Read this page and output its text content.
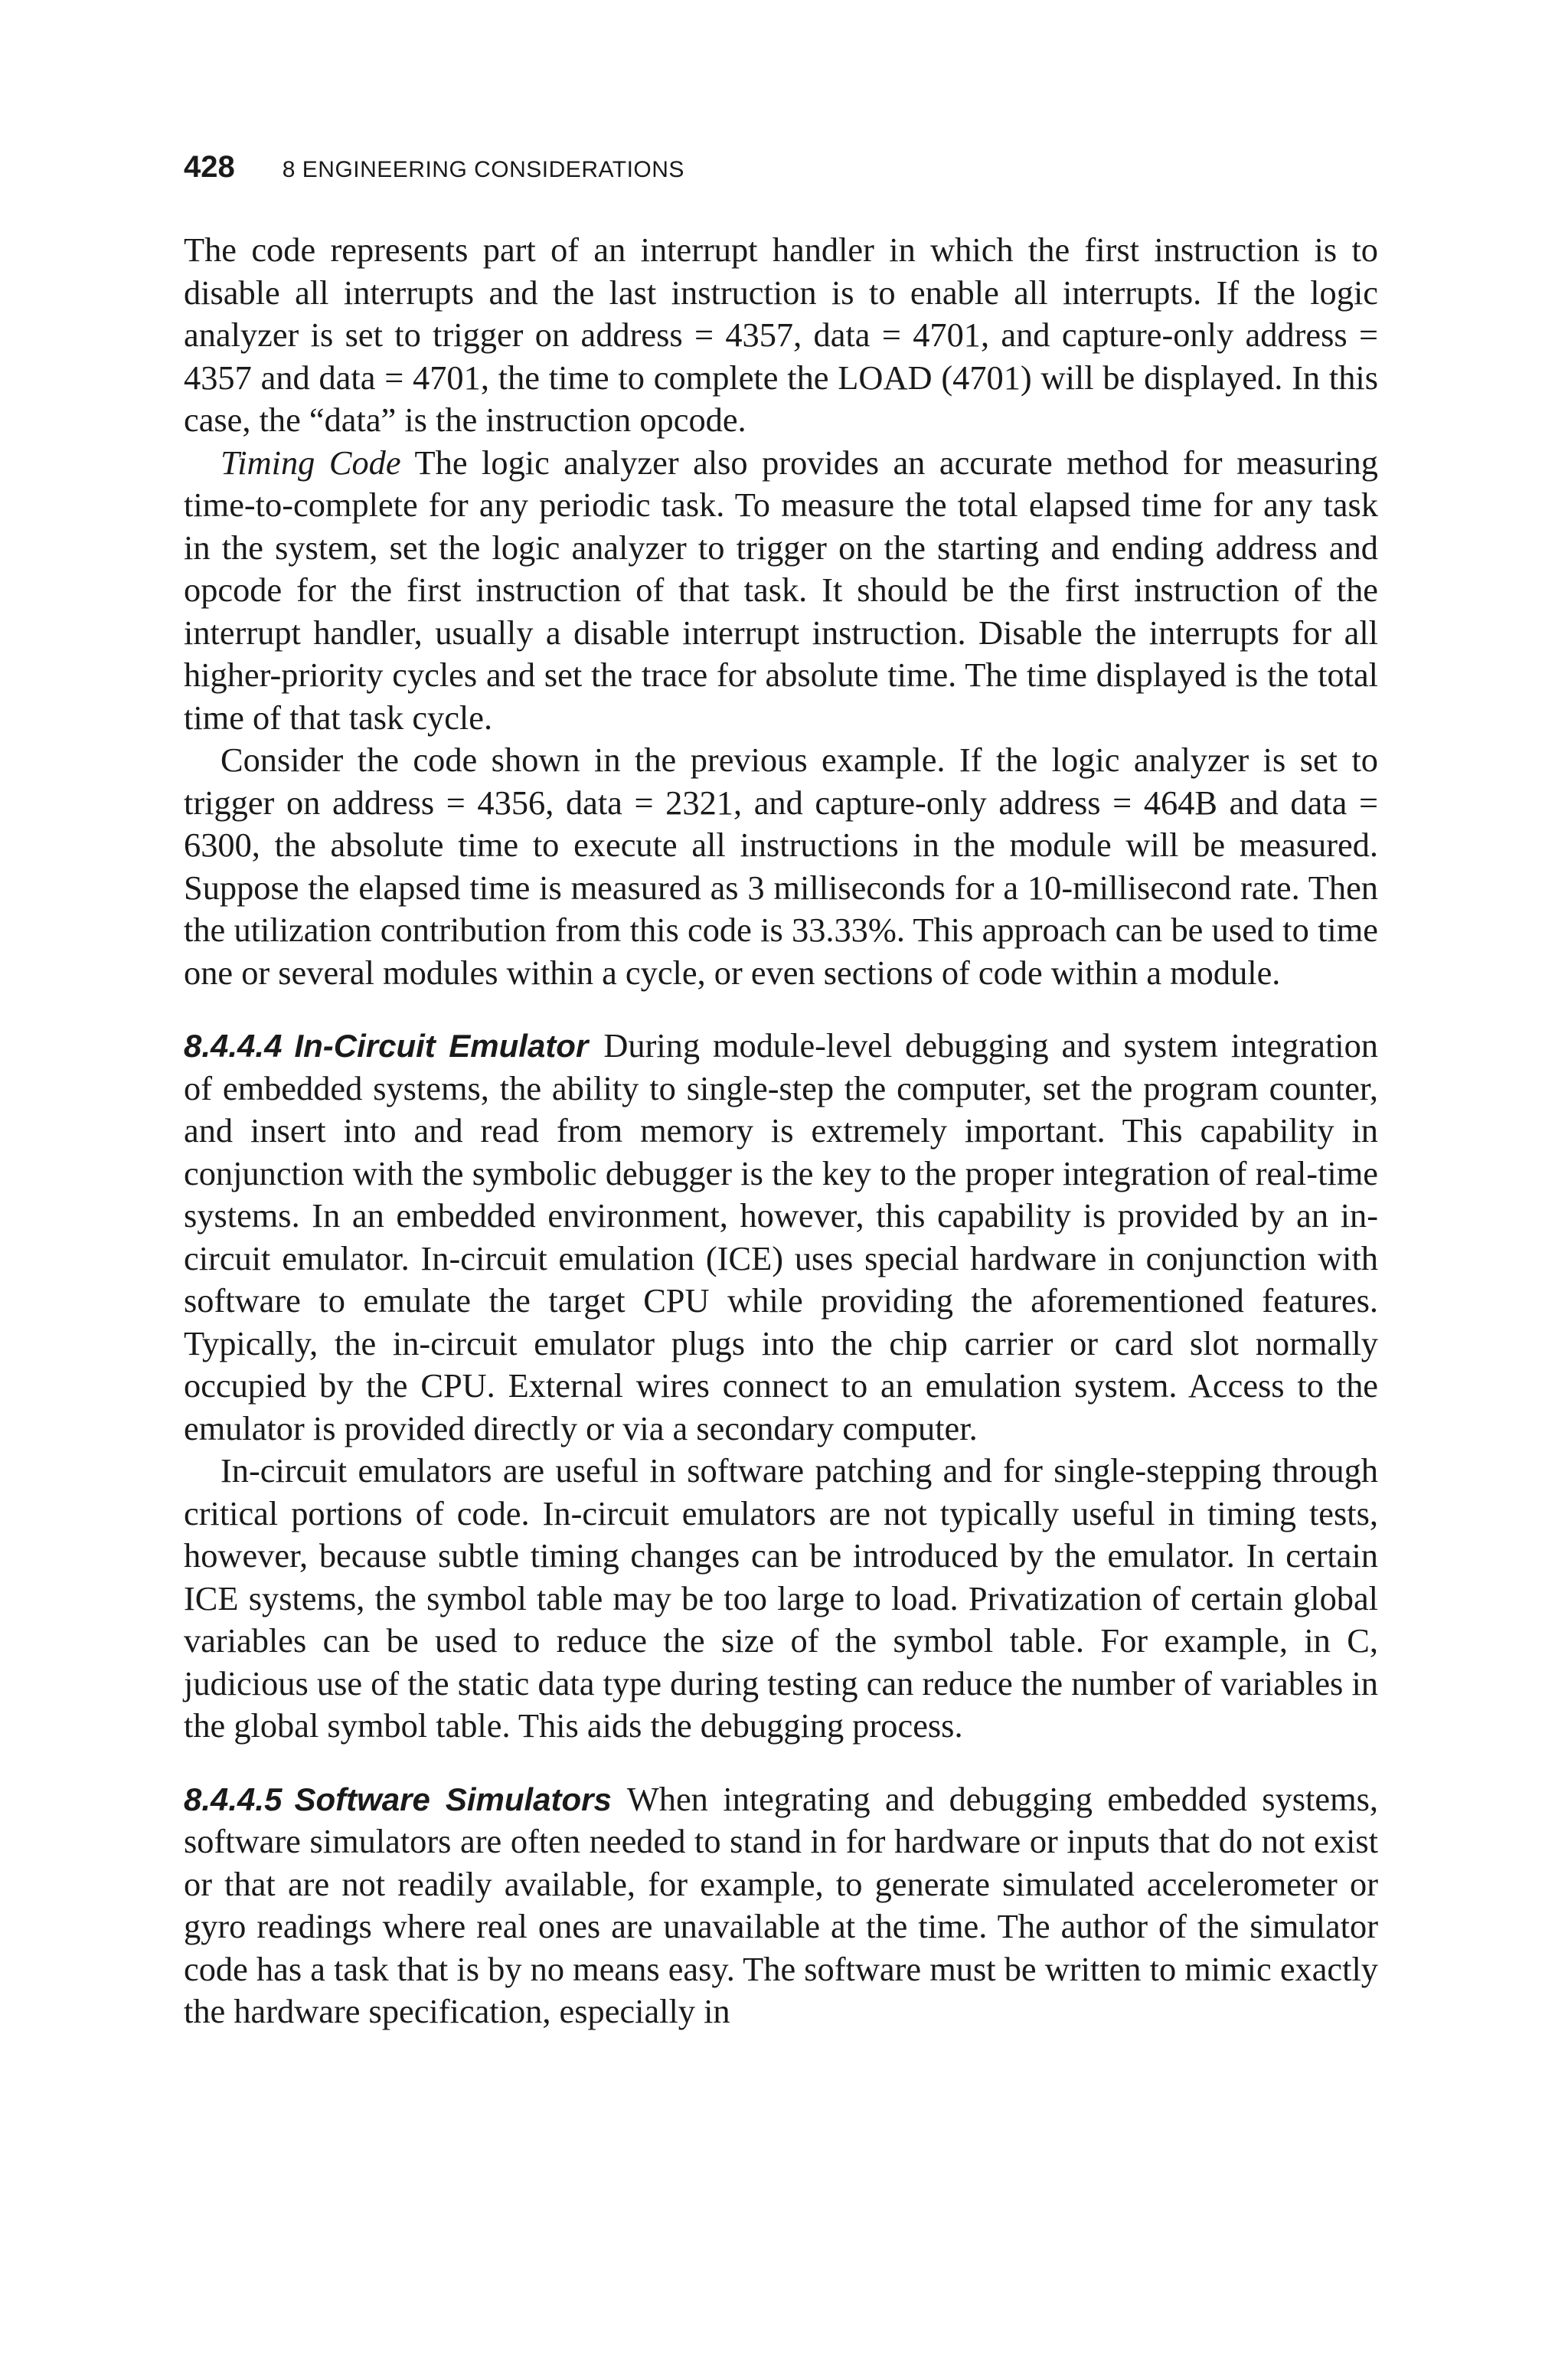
428 8 ENGINEERING CONSIDERATIONS

The code represents part of an interrupt handler in which the first instruction is to disable all interrupts and the last instruction is to enable all interrupts. If the logic analyzer is set to trigger on address = 4357, data = 4701, and capture-only address = 4357 and data = 4701, the time to complete the LOAD (4701) will be displayed. In this case, the “data” is the instruction opcode.

Timing Code The logic analyzer also provides an accurate method for measuring time-to-complete for any periodic task. To measure the total elapsed time for any task in the system, set the logic analyzer to trigger on the starting and ending address and opcode for the first instruction of that task. It should be the first instruction of the interrupt handler, usually a disable interrupt instruction. Disable the interrupts for all higher-priority cycles and set the trace for absolute time. The time displayed is the total time of that task cycle.

Consider the code shown in the previous example. If the logic analyzer is set to trigger on address = 4356, data = 2321, and capture-only address = 464B and data = 6300, the absolute time to execute all instructions in the module will be measured. Suppose the elapsed time is measured as 3 milliseconds for a 10-millisecond rate. Then the utilization contribution from this code is 33.33%. This approach can be used to time one or several modules within a cycle, or even sections of code within a module.

8.4.4.4 In-Circuit Emulator During module-level debugging and system integration of embedded systems, the ability to single-step the computer, set the program counter, and insert into and read from memory is extremely important. This capability in conjunction with the symbolic debugger is the key to the proper integration of real-time systems. In an embedded environment, however, this capability is provided by an in-circuit emulator. In-circuit emulation (ICE) uses special hardware in conjunction with software to emulate the target CPU while providing the aforementioned features. Typically, the in-circuit emulator plugs into the chip carrier or card slot normally occupied by the CPU. External wires connect to an emulation system. Access to the emulator is provided directly or via a secondary computer.

In-circuit emulators are useful in software patching and for single-stepping through critical portions of code. In-circuit emulators are not typically useful in timing tests, however, because subtle timing changes can be introduced by the emulator. In certain ICE systems, the symbol table may be too large to load. Privatization of certain global variables can be used to reduce the size of the symbol table. For example, in C, judicious use of the static data type during testing can reduce the number of variables in the global symbol table. This aids the debugging process.

8.4.4.5 Software Simulators When integrating and debugging embedded systems, software simulators are often needed to stand in for hardware or inputs that do not exist or that are not readily available, for example, to generate simulated accelerometer or gyro readings where real ones are unavailable at the time. The author of the simulator code has a task that is by no means easy. The software must be written to mimic exactly the hardware specification, especially in
